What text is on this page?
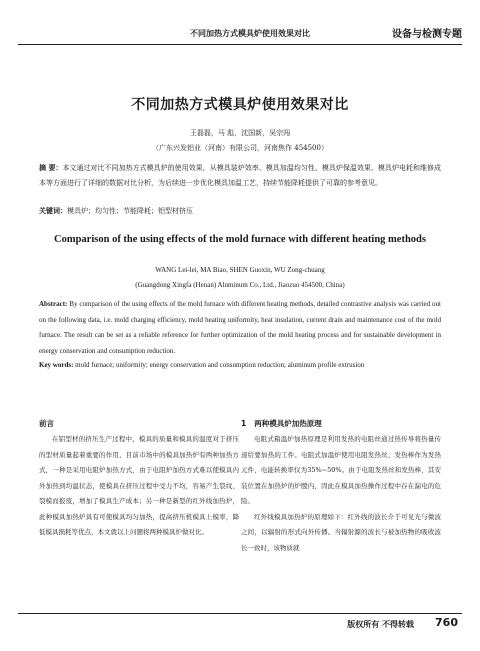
不同加热方式模具炉使用效果对比	设备与检测专题
不同加热方式模具炉使用效果对比
王磊磊，马 彪，沈国新，吴宗闯
（广东兴发铝业（河南）有限公司，河南焦作 454500）

摘 要：本文通过对比不同加热方式模具炉的使用效果，从模具装炉效率、模具加温均匀性、模具炉保温效果、模具炉电耗和维修成本等方面进行了详细的数据对比分析，为后续进一步优化模具加温工艺，持续节能降耗提供了可靠的参考意见。

关键词：模具炉；均匀性；节能降耗；铝型材挤压

Comparison of the using effects of the mold furnace with different heating methods
WANG Lei-lei, MA Biao, SHEN Guoxin, WU Zong-chuang
(Guangdong Xingfa (Henan) Aluminum Co., Ltd., Jiaozuo 454500, China)

Abstract: By comparison of the using effects of the mold furnace with different heating methods, detailed contrastive analysis was carried out on the following data, i.e. mold charging efficiency, mold heating uniformity, heat insulation, current drain and maintenance cost of the mold furnace. The result can be set as a reliable reference for further optimization of the mold heating process and for sustainable development in energy conservation and consumption reduction.

Key words: mold furnace; uniformity; energy conservation and consumption reduction; aluminum profile extrusion

前言

在铝型材的挤压生产过程中，模具的质量和模具的温度对于挤压的型材质量起着重要的作用，目前市场中的模具加热炉有两种加热方式，一种是采用电阻炉加热方式，由于电阻炉加热方式难以使模具内外加热到均温状态，使模具在挤压过程中受力不均，容易产生裂纹、裂模而报废，增加了模具生产成本；另一种是新型的红外线加热炉，此种模具加热炉具有可使模具均匀加热，提高挤压机模具上模率，降低模具损耗等优点，本文就以上问题将两种模具炉做对比。

1 两种模具炉加热原理

电阻式箱温炉加热原理是利用发热的电阻丝通过热传导将热量传递给要加热的工件。电阻式加温炉使用电阻发热丝、发热棒作为发热元件，电能转换率仅为35%~50%。由于电阻发热丝和发热棒，其安装位置在加热炉的炉膛内，因此在模具加热操作过程中存在漏电的危险。

红外线模具加热炉的原理如下：红外线的波长介于可见光与微波之间，以辐射的形式向外传播。当辐射源的波长与被加热物的吸收波长一致时，该物质就

版权所有 不得转载 760
